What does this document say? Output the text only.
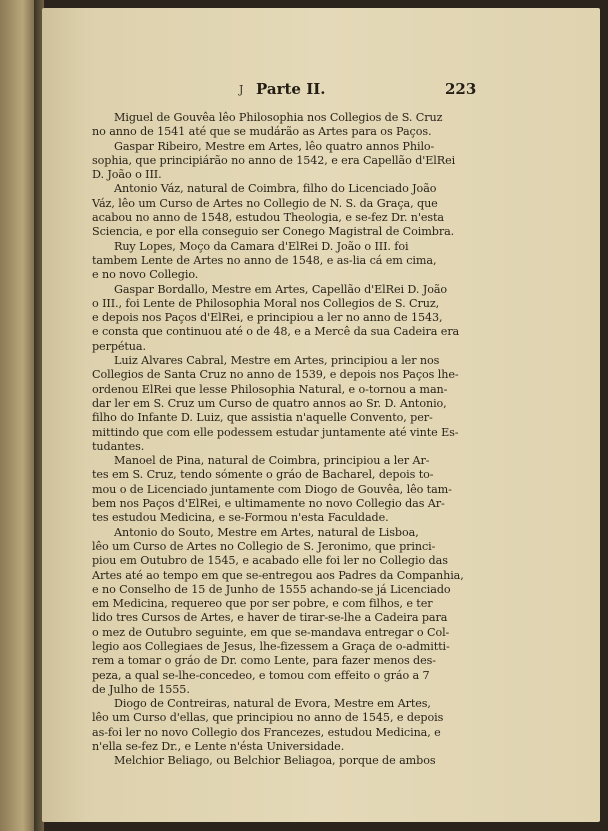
J Parte II.	223
Miguel de Gouvêa lêo Philosophia nos Collegios de S. Cruz
no anno de 1541 até que se mudárão as Artes para os Paços.
Gaspar Ribeiro, Mestre em Artes, lêo quatro annos Philo-
sophia, que principiárão no anno de 1542, e era Capellão d'ElRei
D. João o III.
Antonio Váz, natural de Coimbra, filho do Licenciado João
Váz, lêo um Curso de Artes no Collegio de N. S. da Graça, que
acabou no anno de 1548, estudou Theologia, e se-fez Dr. n'esta
Sciencia, e por ella conseguio ser Conego Magistral de Coimbra.
Ruy Lopes, Moço da Camara d'ElRei D. João o III. foi
tambem Lente de Artes no anno de 1548, e as-lia cá em cima,
e no novo Collegio.
Gaspar Bordallo, Mestre em Artes, Capellão d'ElRei D. João
o III., foi Lente de Philosophia Moral nos Collegios de S. Cruz,
e depois nos Paços d'ElRei, e principiou a ler no anno de 1543,
e consta que continuou até o de 48, e a Mercê da sua Cadeira era
perpétua.
Luiz Alvares Cabral, Mestre em Artes, principiou a ler nos
Collegios de Santa Cruz no anno de 1539, e depois nos Paços lhe-
ordenou ElRei que lesse Philosophia Natural, e o-tornou a man-
dar ler em S. Cruz um Curso de quatro annos ao Sr. D. Antonio,
filho do Infante D. Luiz, que assistia n'aquelle Convento, per-
mittindo que com elle podessem estudar juntamente até vinte Es-
tudantes.
Manoel de Pina, natural de Coimbra, principiou a ler Ar-
tes em S. Cruz, tendo sómente o gráo de Bacharel, depois to-
mou o de Licenciado juntamente com Diogo de Gouvêa, lêo tam-
bem nos Paços d'ElRei, e ultimamente no novo Collegio das Ar-
tes estudou Medicina, e se-Formou n'esta Faculdade.
Antonio do Souto, Mestre em Artes, natural de Lisboa,
lêo um Curso de Artes no Collegio de S. Jeronimo, que princi-
piou em Outubro de 1545, e acabado elle foi ler no Collegio das
Artes até ao tempo em que se-entregou aos Padres da Companhia,
e no Conselho de 15 de Junho de 1555 achando-se já Licenciado
em Medicina, requereo que por ser pobre, e com filhos, e ter
lido tres Cursos de Artes, e haver de tirar-se-lhe a Cadeira para
o mez de Outubro seguinte, em que se-mandava entregar o Col-
legio aos Collegiaes de Jesus, lhe-fizessem a Graça de o-admitti-
rem a tomar o gráo de Dr. como Lente, para fazer menos des-
peza, a qual se-lhe-concedeo, e tomou com effeito o gráo a 7
de Julho de 1555.
Diogo de Contreiras, natural de Evora, Mestre em Artes,
lêo um Curso d'ellas, que principiou no anno de 1545, e depois
as-foi ler no novo Collegio dos Francezes, estudou Medicina, e
n'ella se-fez Dr., e Lente n'ésta Universidade.
Melchior Beliago, ou Belchior Beliagoa, porque de ambos
